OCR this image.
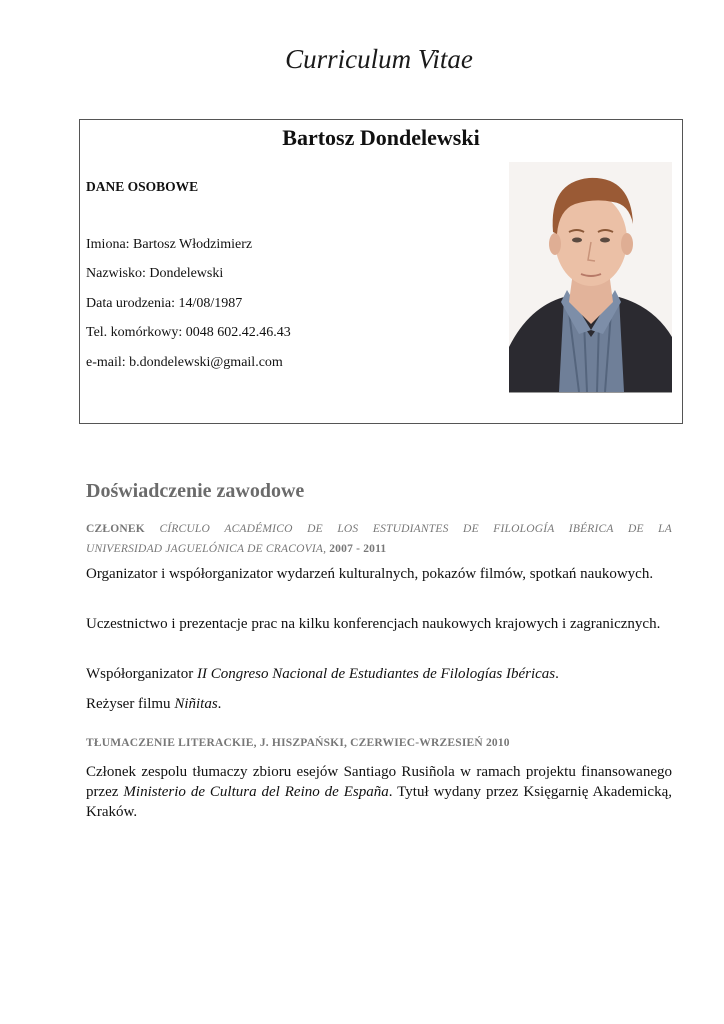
Curriculum Vitae
Bartosz Dondelewski
DANE OSOBOWE
Imiona: Bartosz Włodzimierz
Nazwisko: Dondelewski
Data urodzenia: 14/08/1987
Tel. komórkowy: 0048 602.42.46.43
e-mail: b.dondelewski@gmail.com
Doświadczenie zawodowe
CZŁONEK CÍRCULO ACADÉMICO DE LOS ESTUDIANTES DE FILOLOGÍA IBÉRICA DE LA
UNIVERSIDAD JAGUELÓNICA DE CRACOVIA, 2007 - 2011
Organizator i współorganizator wydarzeń kulturalnych, pokazów filmów, spotkań naukowych.
Uczestnictwo i prezentacje prac na kilku konferencjach naukowych krajowych i zagranicznych.
Współorganizator II Congreso Nacional de Estudiantes de Filologías Ibéricas.
Reżyser filmu Niñitas.
TŁUMACZENIE LITERACKIE, J. HISZPAŃSKI, CZERWIEC-WRZESIEŃ 2010
Członek zespolu tłumaczy zbioru esejów Santiago Rusiñola w ramach projektu finansowanego przez Ministerio de Cultura del Reino de España. Tytuł wydany przez Księgarnię Akademicką, Kraków.
